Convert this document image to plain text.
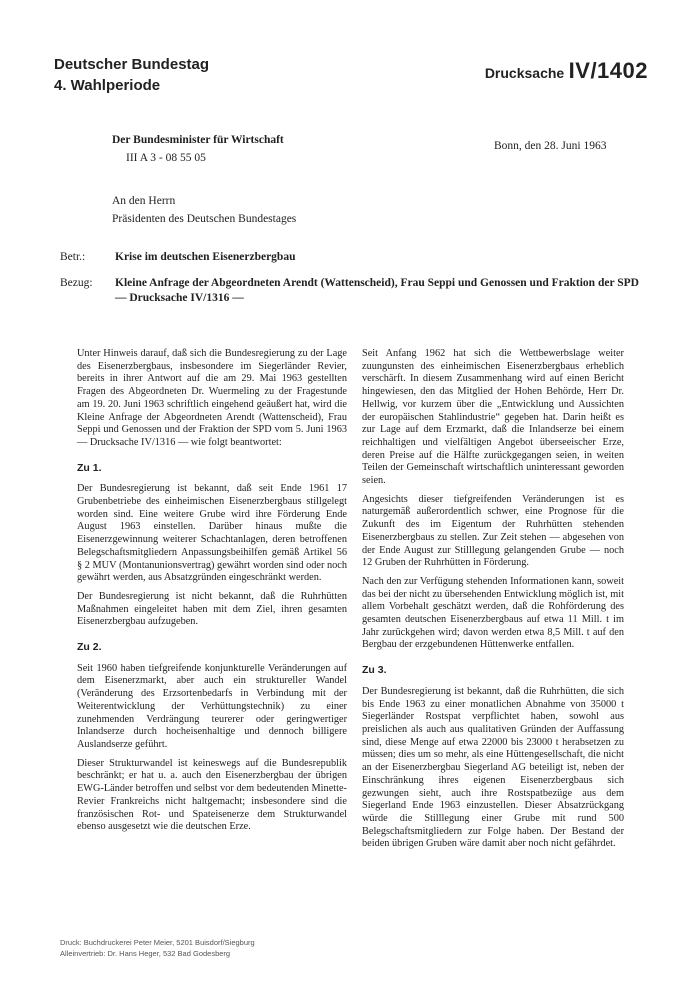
Deutscher Bundestag
4. Wahlperiode
Drucksache IV/1402
Der Bundesminister für Wirtschaft
III A 3 - 08 55 05
Bonn, den 28. Juni 1963
An den Herrn
Präsidenten des Deutschen Bundestages
Betr.:	Krise im deutschen Eisenerzbergbau
Bezug: Kleine Anfrage der Abgeordneten Arendt (Wattenscheid), Frau Seppi und Genossen und Fraktion der SPD
— Drucksache IV/1316 —

Unter Hinweis darauf, daß sich die Bundesregierung zu der Lage des Eisenerzbergbaus, insbesondere im Siegerländer Revier, bereits in ihrer Antwort auf die am 29. Mai 1963 gestellten Fragen des Abgeordneten Dr. Wuermeling zu der Fragestunde am 19. 20. Juni 1963 schriftlich eingehend geäußert hat, wird die Kleine Anfrage der Abgeordneten Arendt (Wattenscheid), Frau Seppi und Genossen und der Fraktion der SPD vom 5. Juni 1963 — Drucksache IV/1316 — wie folgt beantwortet:

Zu 1.

Der Bundesregierung ist bekannt, daß seit Ende 1961 17 Grubenbetriebe des einheimischen Eisenerzbergbaus stillgelegt worden sind. Eine weitere Grube wird ihre Förderung Ende August 1963 einstellen. Darüber hinaus mußte die Eisenerzgewinnung weiterer Schachtanlagen, deren betroffenen Belegschaftsmitgliedern Anpassungsbeihilfen gemäß Artikel 56 § 2 MUV (Montanunionsvertrag) gewährt worden sind oder noch gewährt werden, aus Absatzgründen eingeschränkt werden.

Der Bundesregierung ist nicht bekannt, daß die Ruhrhütten Maßnahmen eingeleitet haben mit dem Ziel, ihren gesamten Eisenerzbergbau aufzugeben.

Zu 2.

Seit 1960 haben tiefgreifende konjunkturelle Veränderungen auf dem Eisenerzmarkt, aber auch ein struktureller Wandel (Veränderung des Erzsortenbedarfs in Verbindung mit der Weiterentwicklung der Verhüttungstechnik) zu einer zunehmenden Verdrängung teurerer oder geringwertiger Inlandserze durch hocheisenhaltige und dennoch billigere Auslandserze geführt.

Dieser Strukturwandel ist keineswegs auf die Bundesrepublik beschränkt; er hat u. a. auch den Eisenerzbergbau der übrigen EWG-Länder betroffen und selbst vor dem bedeutenden Minette-Revier Frankreichs nicht haltgemacht; insbesondere sind die französischen Rot- und Spateisenerze dem Strukturwandel ebenso ausgesetzt wie die deutschen Erze.

Seit Anfang 1962 hat sich die Wettbewerbslage weiter zuungunsten des einheimischen Eisenerzbergbaus erheblich verschärft. In diesem Zusammenhang wird auf einen Bericht hingewiesen, den das Mitglied der Hohen Behörde, Herr Dr. Hellwig, vor kurzem über die „Entwicklung und Aussichten der europäischen Stahlindustrie“ gegeben hat. Darin heißt es zur Lage auf dem Erzmarkt, daß die Inlandserze bei einem reichhaltigen und vielfältigen Angebot überseeischer Erze, deren Preise auf die Hälfte zurückgegangen seien, in weiten Teilen der Gemeinschaft wirtschaftlich uninteressant geworden seien.

Angesichts dieser tiefgreifenden Veränderungen ist es naturgemäß außerordentlich schwer, eine Prognose für die Zukunft des im Eigentum der Ruhrhütten stehenden Eisenerzbergbaus zu stellen. Zur Zeit stehen — abgesehen von der Ende August zur Stilllegung gelangenden Grube — noch 12 Gruben der Ruhrhütten in Förderung.

Nach den zur Verfügung stehenden Informationen kann, soweit das bei der nicht zu übersehenden Entwicklung möglich ist, mit allem Vorbehalt geschätzt werden, daß die Rohförderung des gesamten deutschen Eisenerzbergbaus auf etwa 11 Mill. t im Jahr zurückgehen wird; davon werden etwa 8,5 Mill. t auf den Bergbau der erzgebundenen Hüttenwerke entfallen.

Zu 3.

Der Bundesregierung ist bekannt, daß die Ruhrhütten, die sich bis Ende 1963 zu einer monatlichen Abnahme von 35000 t Siegerländer Rostspat verpflichtet haben, sowohl aus preislichen als auch aus qualitativen Gründen der Auffassung sind, diese Menge auf etwa 22000 bis 23000 t herabsetzen zu müssen; dies um so mehr, als eine Hüttengesellschaft, die nicht an der Eisenerzbergbau Siegerland AG beteiligt ist, neben der Einschränkung ihres eigenen Eisenerzbergbaus sich gezwungen sieht, auch ihre Rostspatbezüge aus dem Siegerland Ende 1963 einzustellen. Dieser Absatzrückgang würde die Stilllegung einer Grube mit rund 500 Belegschaftsmitgliedern zur Folge haben. Der Bestand der beiden übrigen Gruben wäre damit aber noch nicht gefährdet.

Druck: Buchdruckerei Peter Meier, 5201 Buisdorf/Siegburg
Alleinvertrieb: Dr. Hans Heger, 532 Bad Godesberg
